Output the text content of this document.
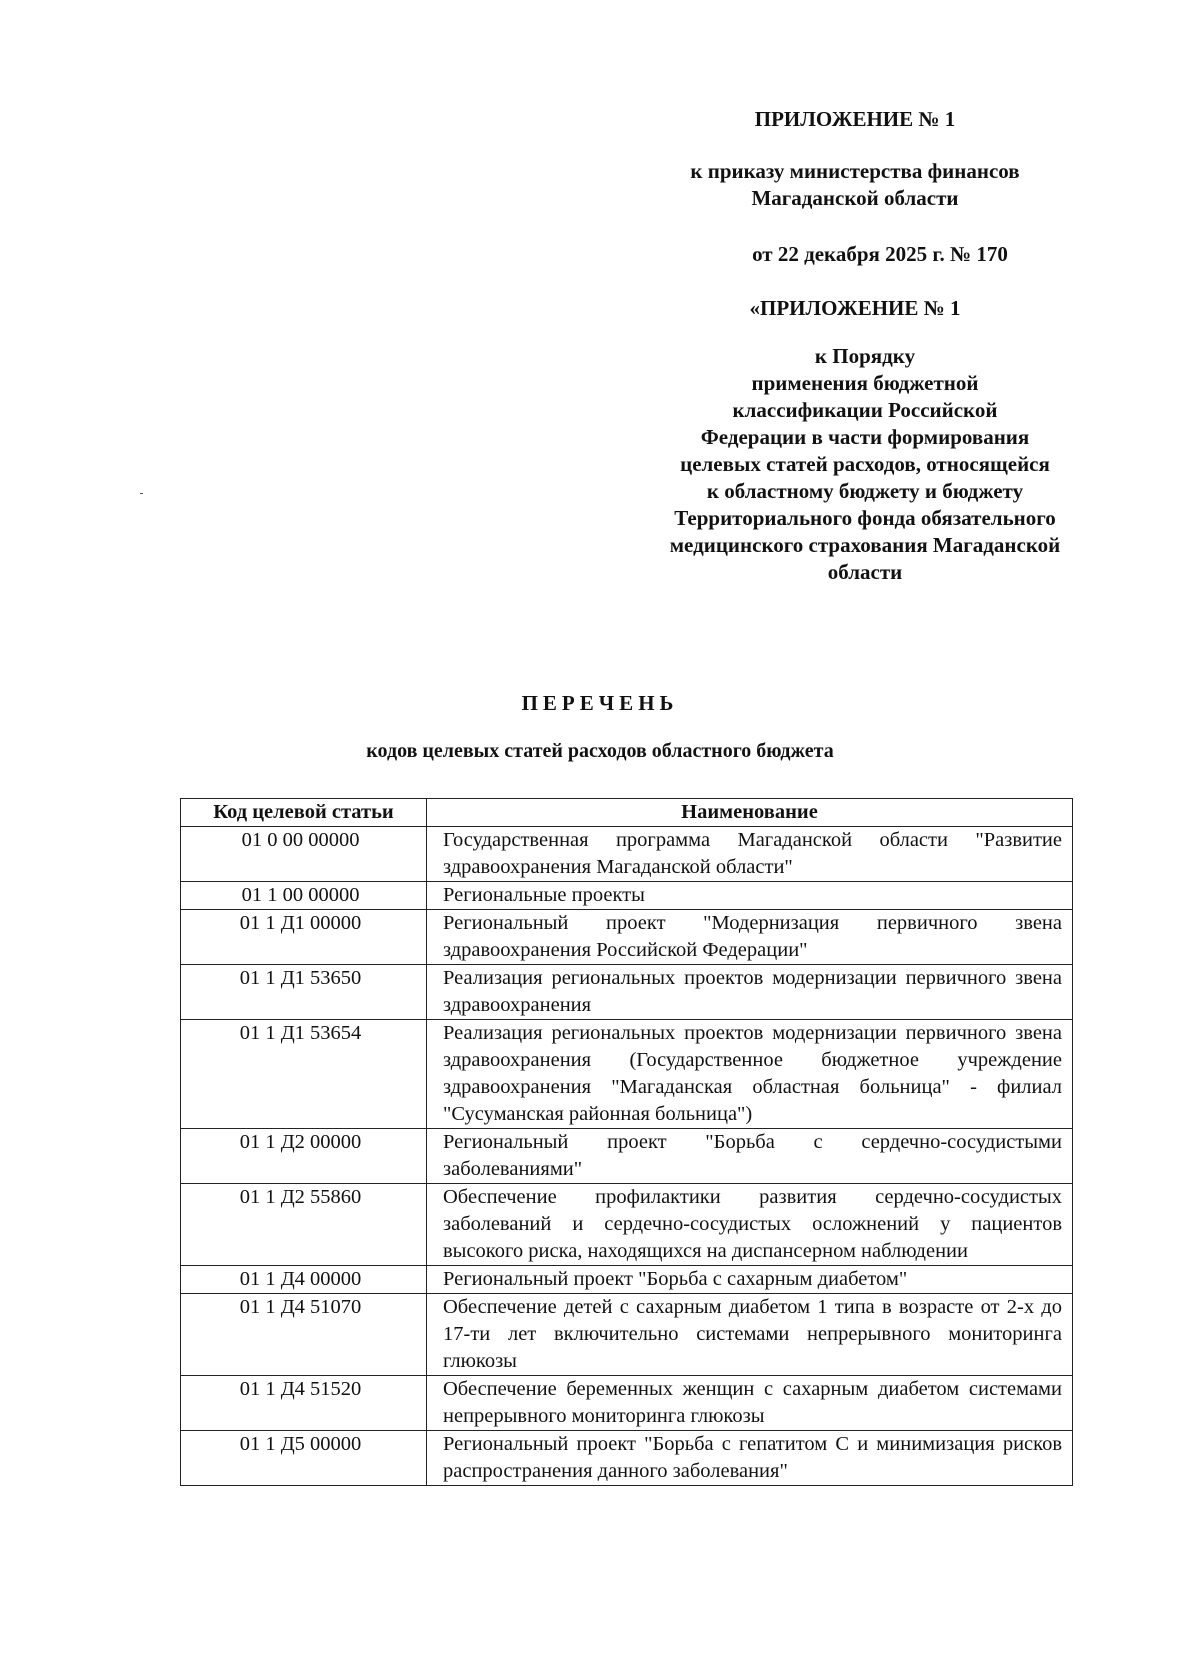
ПРИЛОЖЕНИЕ № 1
к приказу министерства финансов
Магаданской области
от 22 декабря 2025 г. № 170
«ПРИЛОЖЕНИЕ № 1
к Порядку
применения бюджетной
классификации Российской
Федерации в части формирования
целевых статей расходов, относящейся
к областному бюджету и бюджету
Территориального фонда обязательного
медицинского страхования Магаданской
области
ПЕРЕЧЕНЬ
кодов целевых статей расходов областного бюджета
Код целевой статьи	Наименование
01 0 00 00000	Государственная программа Магаданской области "Развитие здравоохранения Магаданской области"
01 1 00 00000	Региональные проекты
01 1 Д1 00000	Региональный проект "Модернизация первичного звена здравоохранения Российской Федерации"
01 1 Д1 53650	Реализация региональных проектов модернизации первичного звена здравоохранения
01 1 Д1 53654	Реализация региональных проектов модернизации первичного звена здравоохранения (Государственное бюджетное учреждение здравоохранения "Магаданская областная больница" - филиал "Сусуманская районная больница")
01 1 Д2 00000	Региональный проект "Борьба с сердечно-сосудистыми заболеваниями"
01 1 Д2 55860	Обеспечение профилактики развития сердечно-сосудистых заболеваний и сердечно-сосудистых осложнений у пациентов высокого риска, находящихся на диспансерном наблюдении
01 1 Д4 00000	Региональный проект "Борьба с сахарным диабетом"
01 1 Д4 51070	Обеспечение детей с сахарным диабетом 1 типа в возрасте от 2-х до 17-ти лет включительно системами непрерывного мониторинга глюкозы
01 1 Д4 51520	Обеспечение беременных женщин с сахарным диабетом системами непрерывного мониторинга глюкозы
01 1 Д5 00000	Региональный проект "Борьба с гепатитом С и минимизация рисков распространения данного заболевания"
